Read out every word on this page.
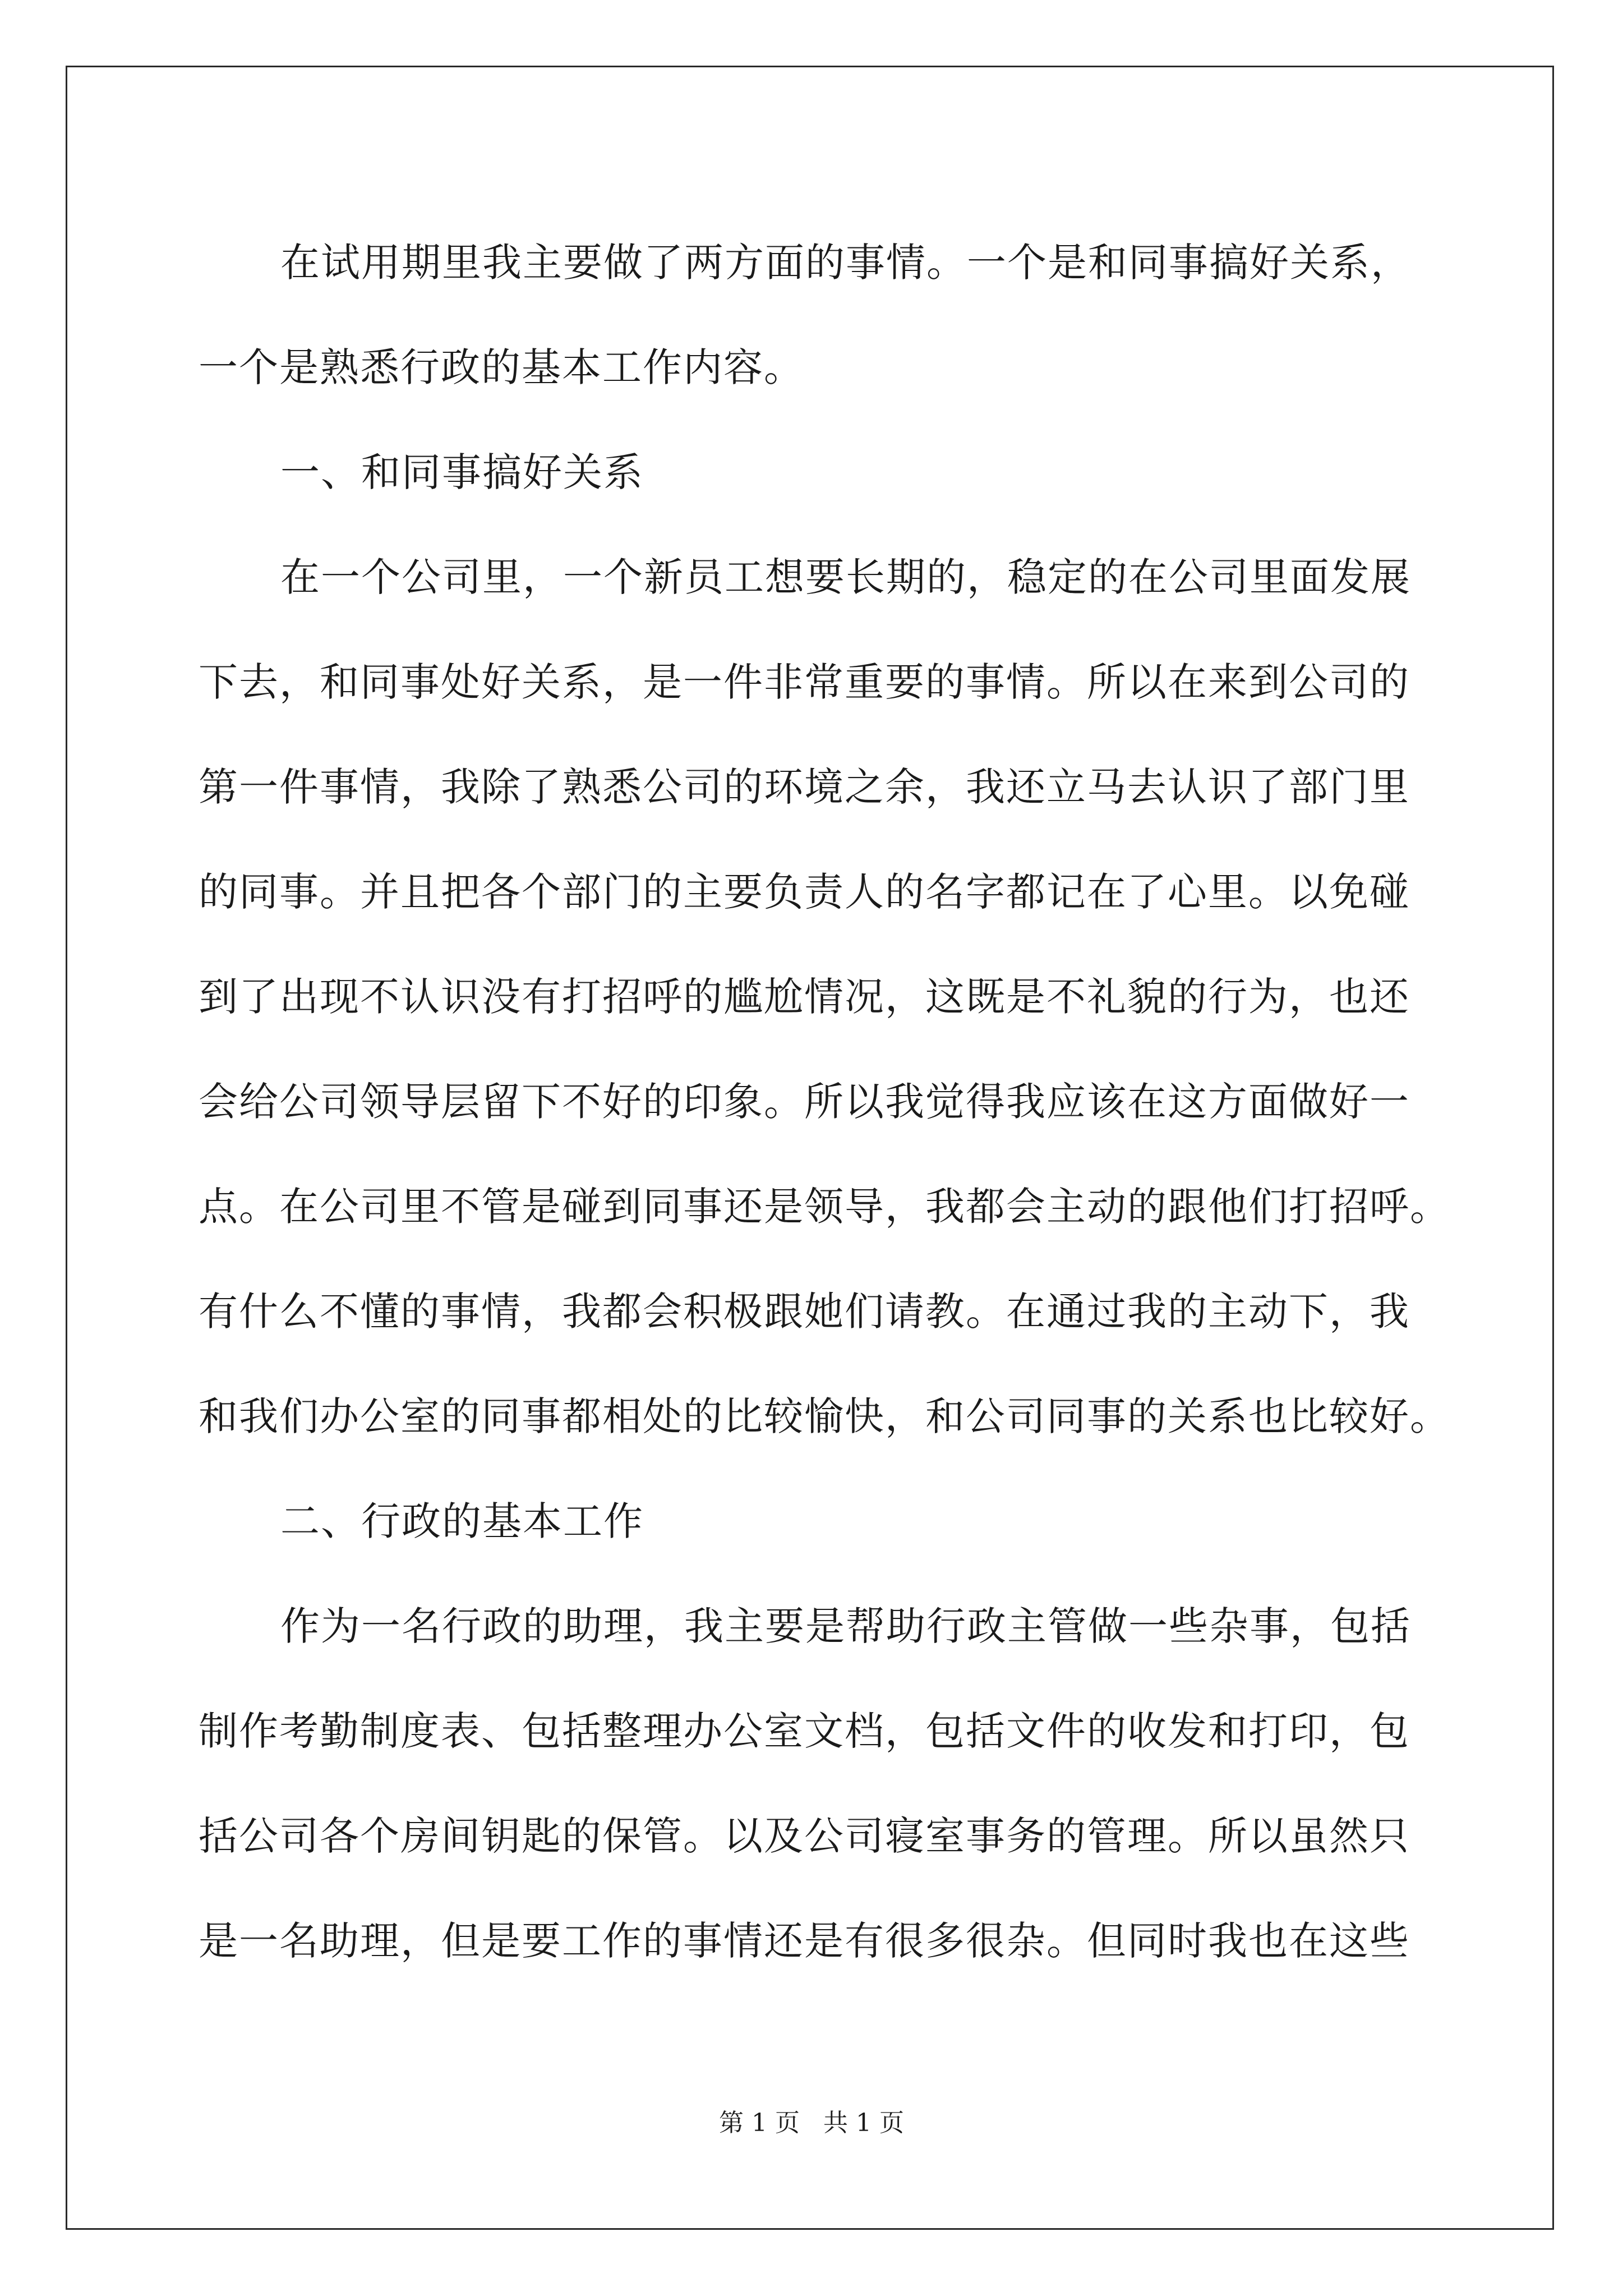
在试用期里我主要做了两方面的事情。一个是和同事搞好关系，
一个是熟悉行政的基本工作内容。
一、和同事搞好关系
在一个公司里，一个新员工想要长期的，稳定的在公司里面发展
下去，和同事处好关系，是一件非常重要的事情。所以在来到公司的
第一件事情，我除了熟悉公司的环境之余，我还立马去认识了部门里
的同事。并且把各个部门的主要负责人的名字都记在了心里。以免碰
到了出现不认识没有打招呼的尴尬情况，这既是不礼貌的行为，也还
会给公司领导层留下不好的印象。所以我觉得我应该在这方面做好一
点。在公司里不管是碰到同事还是领导，我都会主动的跟他们打招呼。
有什么不懂的事情，我都会积极跟她们请教。在通过我的主动下，我
和我们办公室的同事都相处的比较愉快，和公司同事的关系也比较好。
二、行政的基本工作
作为一名行政的助理，我主要是帮助行政主管做一些杂事，包括
制作考勤制度表、包括整理办公室文档，包括文件的收发和打印，包
括公司各个房间钥匙的保管。以及公司寝室事务的管理。所以虽然只
是一名助理，但是要工作的事情还是有很多很杂。但同时我也在这些
第 1 页   共 1 页
